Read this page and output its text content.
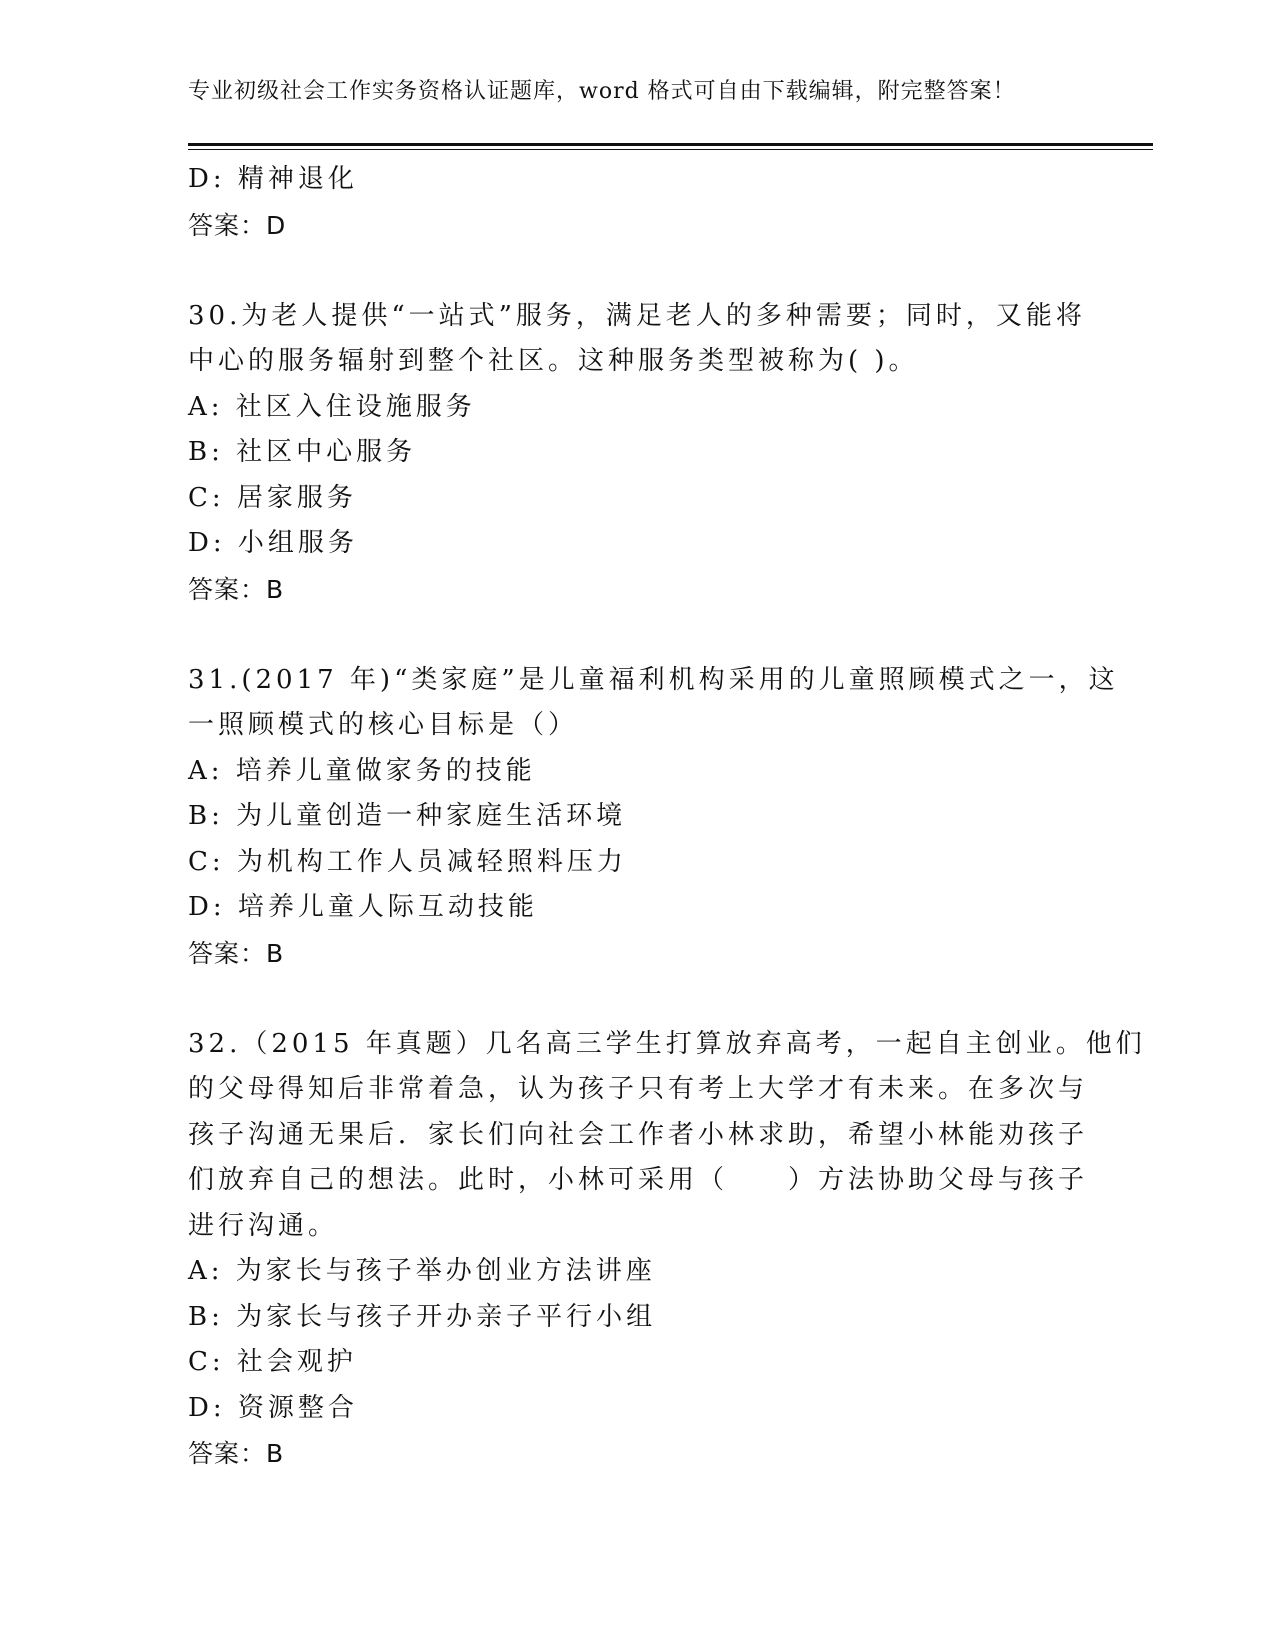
专业初级社会工作实务资格认证题库，word 格式可自由下载编辑，附完整答案！
D: 精神退化
答案：D
30.为老人提供“一站式”服务，满足老人的多种需要；同时，又能将
中心的服务辐射到整个社区。这种服务类型被称为( )。
A: 社区入住设施服务
B: 社区中心服务
C: 居家服务
D: 小组服务
答案：B
31.(2017 年)“类家庭”是儿童福利机构采用的儿童照顾模式之一，这
一照顾模式的核心目标是（）
A: 培养儿童做家务的技能
B: 为儿童创造一种家庭生活环境
C: 为机构工作人员减轻照料压力
D: 培养儿童人际互动技能
答案：B
32.（2015 年真题）几名高三学生打算放弃高考，一起自主创业。他们
的父母得知后非常着急，认为孩子只有考上大学才有未来。在多次与
孩子沟通无果后．家长们向社会工作者小林求助，希望小林能劝孩子
们放弃自己的想法。此时，小林可采用（　　）方法协助父母与孩子
进行沟通。
A: 为家长与孩子举办创业方法讲座
B: 为家长与孩子开办亲子平行小组
C: 社会观护
D: 资源整合
答案：B
